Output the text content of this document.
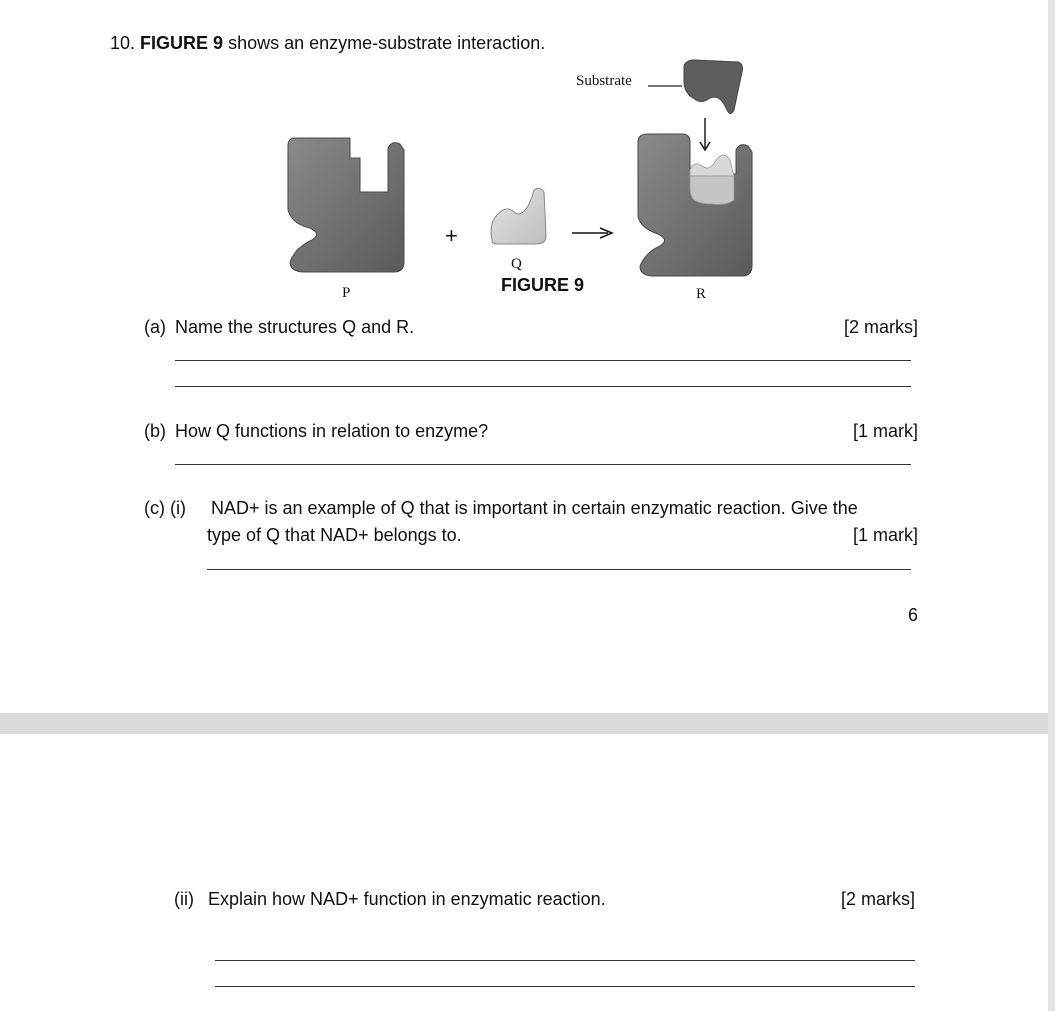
10. FIGURE 9 shows an enzyme-substrate interaction.
+
Substrate
P
Q
R
FIGURE 9
(a) Name the structures Q and R.	[2 marks]
(b) How Q functions in relation to enzyme?	[1 mark]
(c) (i) NAD+ is an example of Q that is important in certain enzymatic reaction. Give the
type of Q that NAD+ belongs to.	[1 mark]
6
(ii) Explain how NAD+ function in enzymatic reaction.	[2 marks]
